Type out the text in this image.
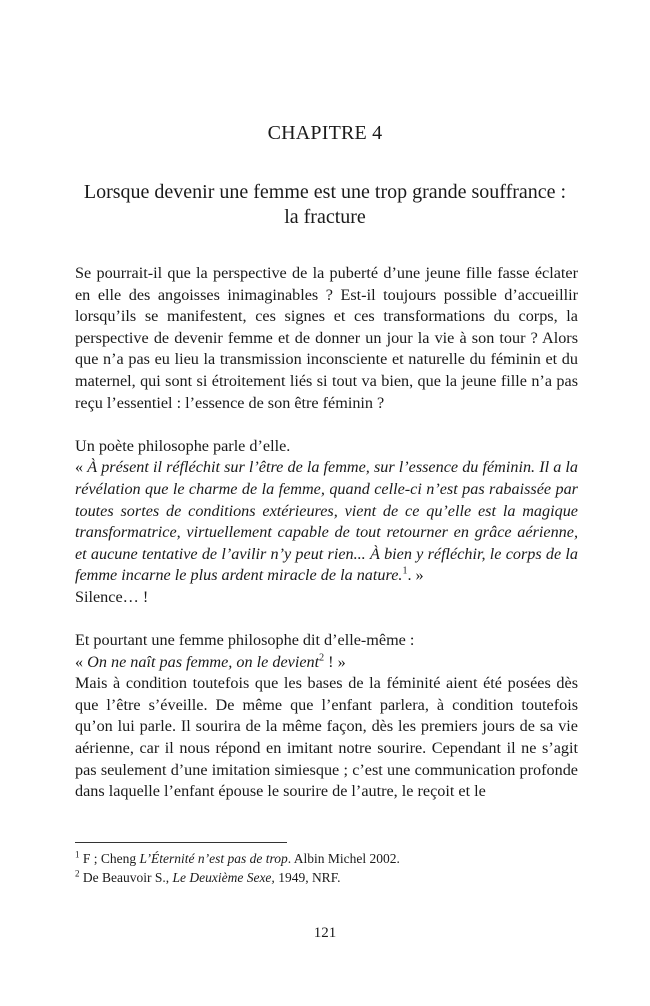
CHAPITRE 4
Lorsque devenir une femme est une trop grande souffrance :
la fracture

Se pourrait-il que la perspective de la puberté d’une jeune fille fasse éclater en elle des angoisses inimaginables ? Est-il toujours possible d’accueillir lorsqu’ils se manifestent, ces signes et ces transformations du corps, la perspective de devenir femme et de donner un jour la vie à son tour ? Alors que n’a pas eu lieu la transmission inconsciente et naturelle du féminin et du maternel, qui sont si étroitement liés si tout va bien, que la jeune fille n’a pas reçu l’essentiel : l’essence de son être féminin ?

Un poète philosophe parle d’elle.

« À présent il réfléchit sur l’être de la femme, sur l’essence du féminin. Il a la révélation que le charme de la femme, quand celle-ci n’est pas rabaissée par toutes sortes de conditions extérieures, vient de ce qu’elle est la magique transformatrice, virtuellement capable de tout retourner en grâce aérienne, et aucune tentative de l’avilir n’y peut rien... À bien y réfléchir, le corps de la femme incarne le plus ardent miracle de la nature.$^1$. »

Silence… !

Et pourtant une femme philosophe dit d’elle-même :

« On ne naît pas femme, on le devient$^2$ ! »

Mais à condition toutefois que les bases de la féminité aient été posées dès que l’être s’éveille. De même que l’enfant parlera, à condition toutefois qu’on lui parle. Il sourira de la même façon, dès les premiers jours de sa vie aérienne, car il nous répond en imitant notre sourire. Cependant il ne s’agit pas seulement d’une imitation simiesque ; c’est une communication profonde dans laquelle l’enfant épouse le sourire de l’autre, le reçoit et le

$^1$ F ; Cheng L’Éternité n’est pas de trop. Albin Michel 2002.
$^2$ De Beauvoir S., Le Deuxième Sexe, 1949, NRF.
121
